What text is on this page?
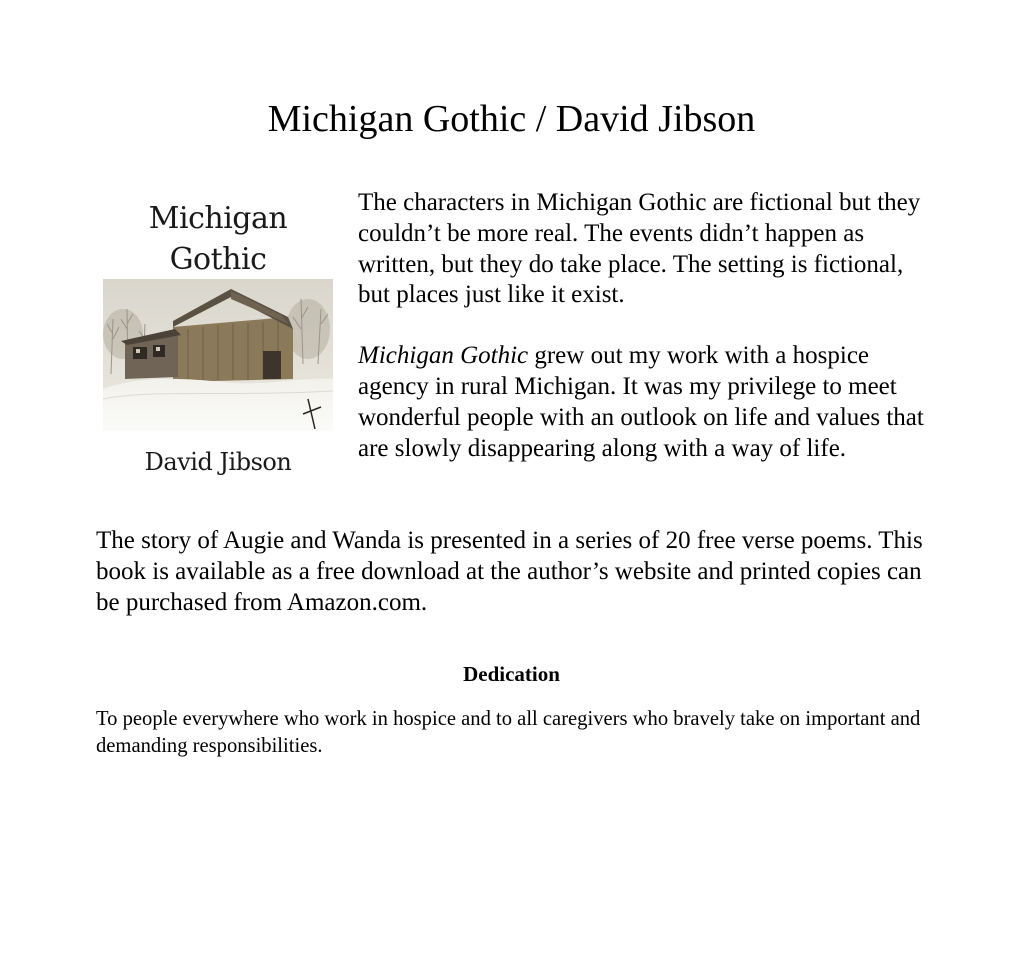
Michigan Gothic / David Jibson
Michigan
Gothic
David Jibson

The characters in Michigan Gothic are fictional but they couldn’t be more real. The events didn’t happen as written, but they do take place. The setting is fictional, but places just like it exist.

Michigan Gothic grew out my work with a hospice agency in rural Michigan. It was my privilege to meet wonderful people with an outlook on life and values that are slowly disappearing along with a way of life.

The story of Augie and Wanda is presented in a series of 20 free verse poems. This book is available as a free download at the author’s website and printed copies can be purchased from Amazon.com.

Dedication

To people everywhere who work in hospice and to all caregivers who bravely take on important and demanding responsibilities.
